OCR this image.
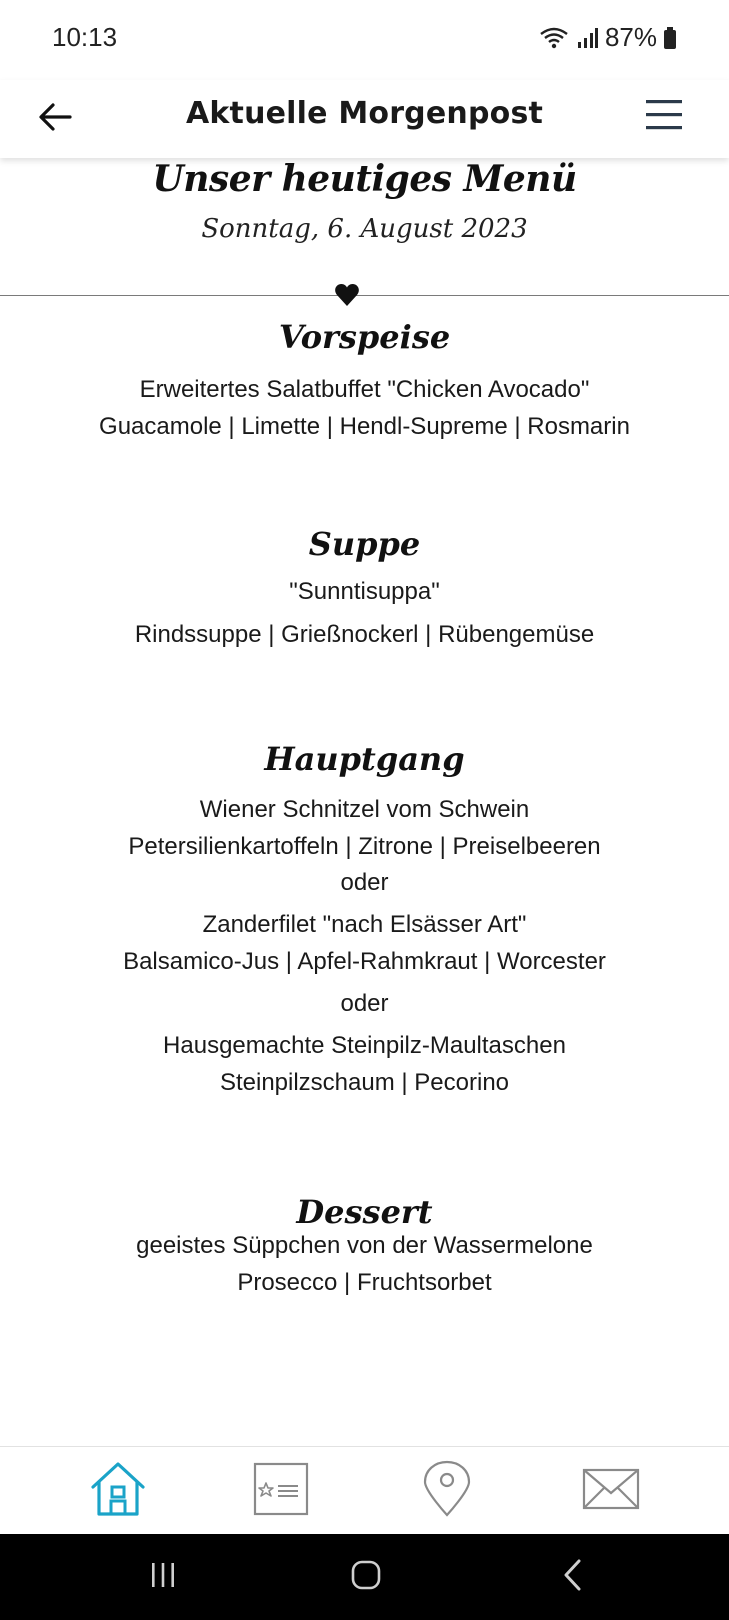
10:13	87%
Aktuelle Morgenpost
Unser heutiges Menü
Sonntag, 6. August 2023
Vorspeise
Erweitertes Salatbuffet "Chicken Avocado"
Guacamole | Limette | Hendl-Supreme | Rosmarin
Suppe
"Sunntisuppa"
Rindssuppe | Grießnockerl | Rübengemüse
Hauptgang
Wiener Schnitzel vom Schwein
Petersilienkartoffeln | Zitrone | Preiselbeeren
oder
Zanderfilet "nach Elsässer Art"
Balsamico-Jus | Apfel-Rahmkraut | Worcester
oder
Hausgemachte Steinpilz-Maultaschen
Steinpilzschaum | Pecorino
Dessert
geeistes Süppchen von der Wassermelone
Prosecco | Fruchtsorbet
